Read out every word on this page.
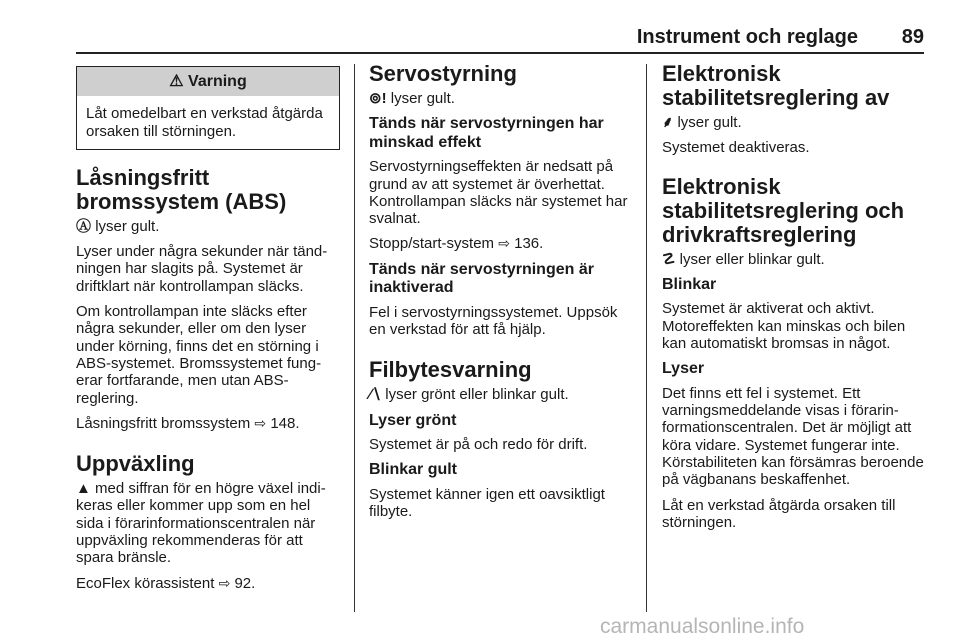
Instrument och reglage 89
⚠ Varning
Låt omedelbart en verkstad åtgärda orsaken till störningen.
Låsningsfritt bromssystem (ABS)

Ⓐ lyser gult.

Lyser under några sekunder när tändningen har slagits på. Systemet är driftklart när kontrollampan släcks.

Om kontrollampan inte släcks efter några sekunder, eller om den lyser under körning, finns det en störning i ABS-systemet. Bromssystemet fungerar fortfarande, men utan ABS-reglering.

Låsningsfritt bromssystem ⇨ 148.

Uppväxling

▲ med siffran för en högre växel indikeras eller kommer upp som en hel sida i förarinformationscentralen när uppväxling rekommenderas för att spara bränsle.

EcoFlex körassistent ⇨ 92.

Servostyrning

⊚! lyser gult.

Tänds när servostyrningen har minskad effekt

Servostyrningseffekten är nedsatt på grund av att systemet är överhettat. Kontrollampan släcks när systemet har svalnat.

Stopp/start-system ⇨ 136.

Tänds när servostyrningen är inaktiverad

Fel i servostyrningssystemet. Uppsök en verkstad för att få hjälp.

Filbytesvarning

∕∖ lyser grönt eller blinkar gult.

Lyser grönt

Systemet är på och redo för drift.

Blinkar gult

Systemet känner igen ett oavsiktligt filbyte.

Elektronisk stabilitetsreglering av

⸙ lyser gult.

Systemet deaktiveras.

Elektronisk stabilitetsreglering och drivkraftsreglering

☡ lyser eller blinkar gult.

Blinkar

Systemet är aktiverat och aktivt. Motoreffekten kan minskas och bilen kan automatiskt bromsas in något.

Lyser

Det finns ett fel i systemet. Ett varningsmeddelande visas i förarinformationscentralen. Det är möjligt att köra vidare. Systemet fungerar inte. Körstabiliteten kan försämras beroende på vägbanans beskaffenhet.

Låt en verkstad åtgärda orsaken till störningen.

carmanualsonline.info
